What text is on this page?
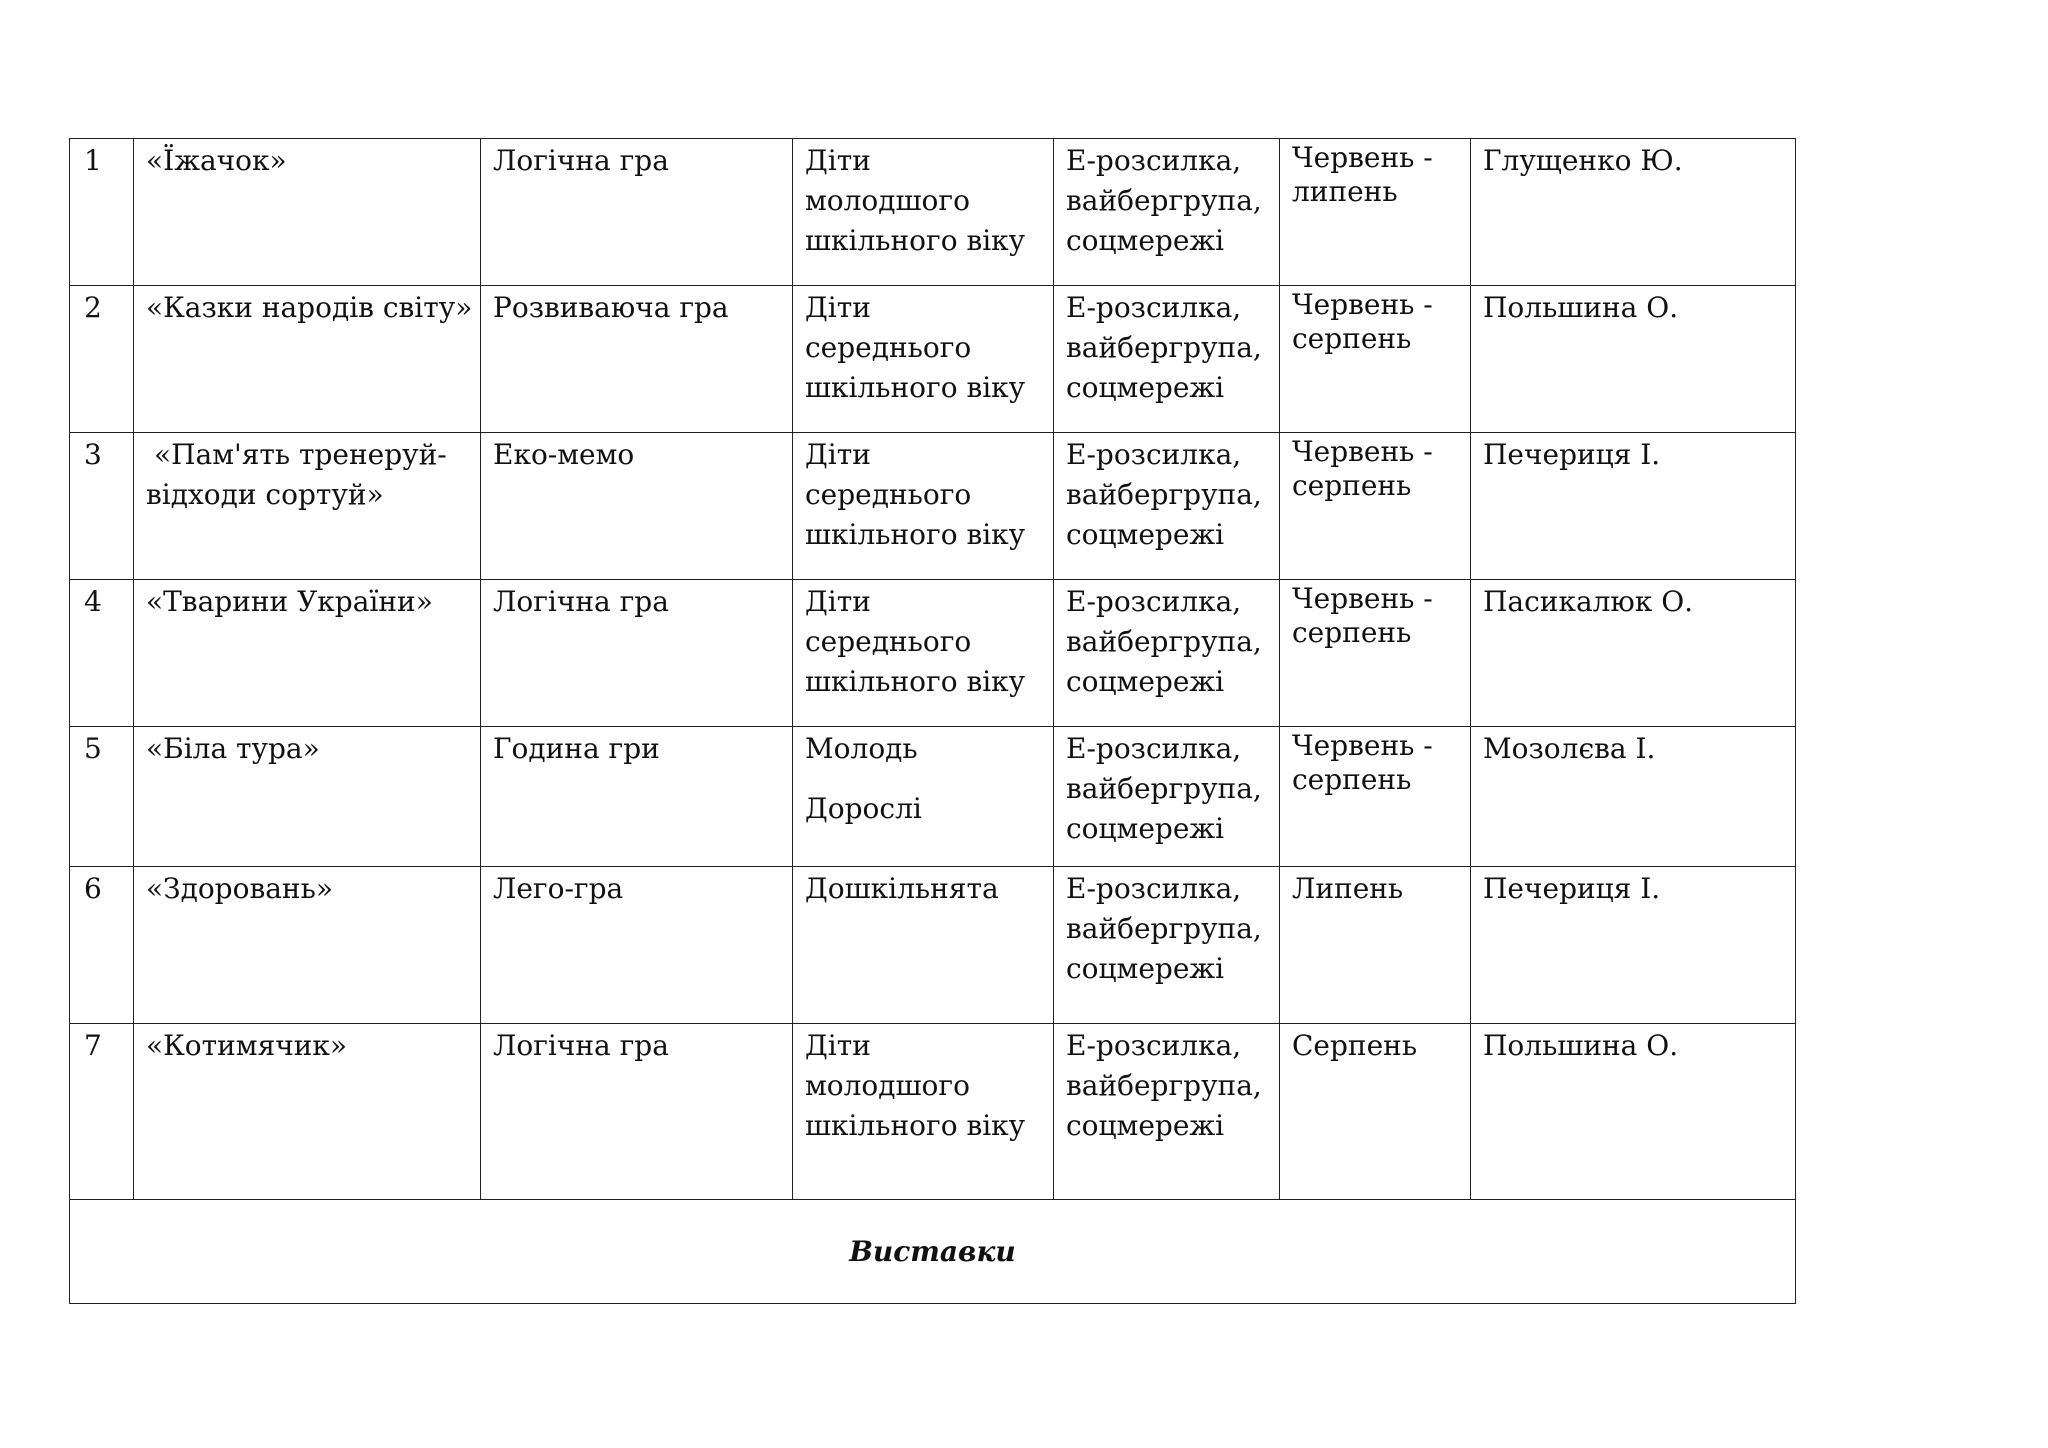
1	«Їжачок»	Логічна гра	Діти
молодшого
шкільного віку	Е-розсилка,
вайбергрупа,
соцмережі	Червень -
липень	Глущенко Ю.
2	«Казки народів світу»	Розвиваюча гра	Діти
середнього
шкільного віку	Е-розсилка,
вайбергрупа,
соцмережі	Червень -
серпень	Польшина О.
3	«Пам'ять тренеруй-
відходи сортуй»	Еко-мемо	Діти
середнього
шкільного віку	Е-розсилка,
вайбергрупа,
соцмережі	Червень -
серпень	Печериця І.
4	«Тварини України»	Логічна гра	Діти
середнього
шкільного віку	Е-розсилка,
вайбергрупа,
соцмережі	Червень -
серпень	Пасикалюк О.
5	«Біла тура»	Година гри	Молодь
Дорослі	Е-розсилка,
вайбергрупа,
соцмережі	Червень -
серпень	Мозолєва І.
6	«Здоровань»	Лего-гра	Дошкільнята	Е-розсилка,
вайбергрупа,
соцмережі	Липень	Печериця І.
7	«Котимячик»	Логічна гра	Діти
молодшого
шкільного віку	Е-розсилка,
вайбергрупа,
соцмережі	Серпень	Польшина О.
Виставки						
